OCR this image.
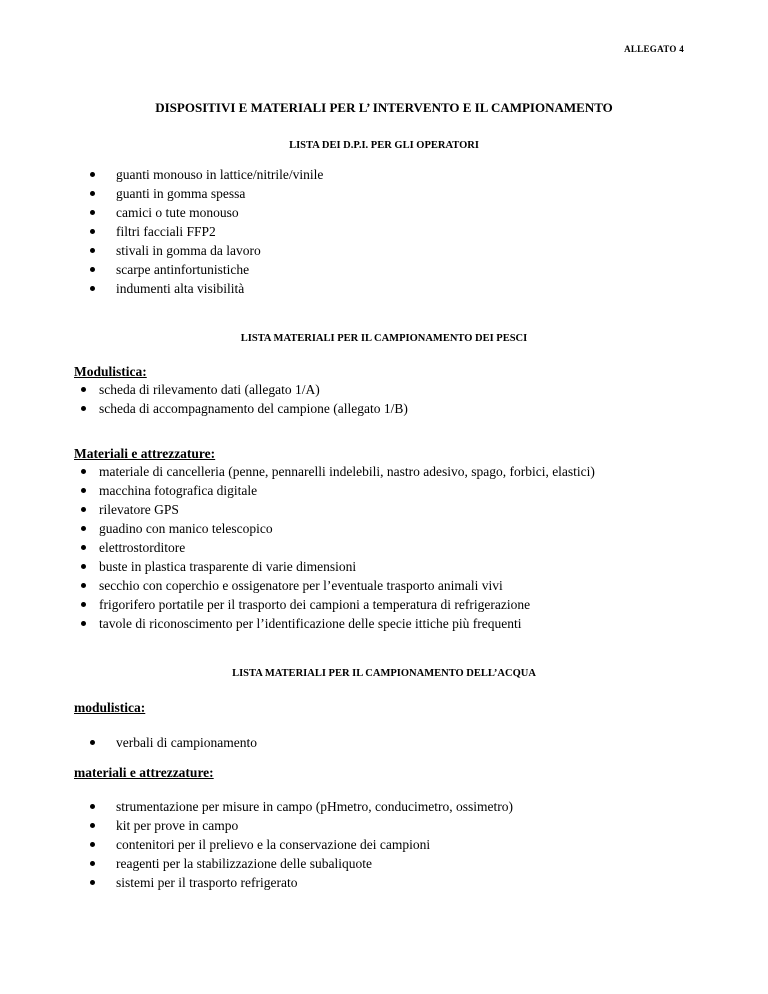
ALLEGATO 4
DISPOSITIVI E MATERIALI PER L’ INTERVENTO E IL CAMPIONAMENTO
LISTA DEI D.P.I. PER GLI OPERATORI
guanti monouso in lattice/nitrile/vinile
guanti in gomma spessa
camici o tute monouso
filtri facciali FFP2
stivali in gomma da lavoro
scarpe antinfortunistiche
indumenti alta visibilità
LISTA MATERIALI PER IL CAMPIONAMENTO DEI PESCI
Modulistica:
scheda di rilevamento dati (allegato 1/A)
scheda di accompagnamento del campione (allegato 1/B)
Materiali e attrezzature:
materiale di cancelleria (penne, pennarelli indelebili, nastro adesivo, spago, forbici, elastici)
macchina fotografica digitale
rilevatore GPS
guadino con manico telescopico
elettrostorditore
buste in plastica trasparente di varie dimensioni
secchio con coperchio e ossigenatore per l’eventuale trasporto animali vivi
frigorifero portatile per il trasporto dei campioni a temperatura di refrigerazione
tavole di riconoscimento per l’identificazione delle specie ittiche più frequenti
LISTA MATERIALI PER IL CAMPIONAMENTO DELL’ACQUA
modulistica:
verbali di campionamento
materiali e attrezzature:
strumentazione per misure in campo (pHmetro, conducimetro, ossimetro)
kit per prove in campo
contenitori per il prelievo e la conservazione dei campioni
reagenti per la stabilizzazione delle subaliquote
sistemi per il trasporto refrigerato
